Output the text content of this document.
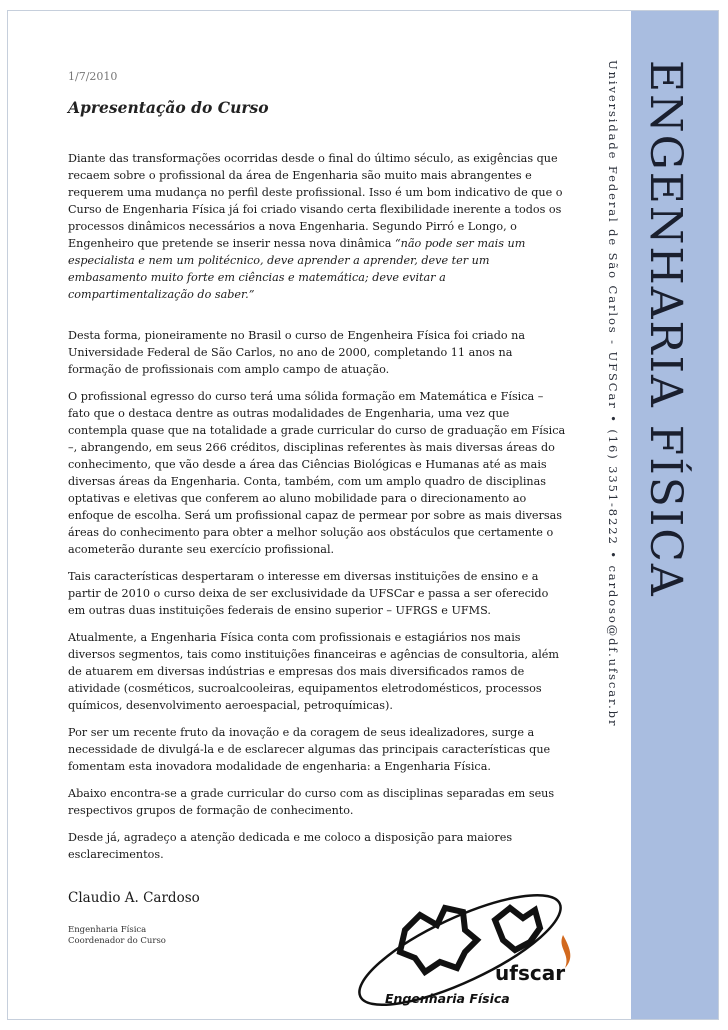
ENGENHARIA FÍSICA
Universidade Federal de São Carlos - UFSCar • (16) 3351-8222 • cardoso@df.ufscar.br
1/7/2010
Apresentação do Curso

Diante das transformações ocorridas desde o final do último século, as exigências que recaem sobre o profissional da área de Engenharia são muito mais abrangentes e requerem uma mudança no perfil deste profissional. Isso é um bom indicativo de que o Curso de Engenharia Física já foi criado visando certa flexibilidade inerente a todos os processos dinâmicos necessários a nova Engenharia. Segundo Pirró e Longo, o Engenheiro que pretende se inserir nessa nova dinâmica “não pode ser mais um especialista e nem um politécnico, deve aprender a aprender, deve ter um embasamento muito forte em ciências e matemática; deve evitar a compartimentalização do saber.”

Desta forma, pioneiramente no Brasil o curso de Engenheira Física foi criado na Universidade Federal de São Carlos, no ano de 2000, completando 11 anos na formação de profissionais com amplo campo de atuação.

O profissional egresso do curso terá uma sólida formação em Matemática e Física – fato que o destaca dentre as outras modalidades de Engenharia, uma vez que contempla quase que na totalidade a grade curricular do curso de graduação em Física –, abrangendo, em seus 266 créditos, disciplinas referentes às mais diversas áreas do conhecimento, que vão desde a área das Ciências Biológicas e Humanas até as mais diversas áreas da Engenharia. Conta, também, com um amplo quadro de disciplinas optativas e eletivas que conferem ao aluno mobilidade para o direcionamento ao enfoque de escolha. Será um profissional capaz de permear por sobre as mais diversas áreas do conhecimento para obter a melhor solução aos obstáculos que certamente o acometerão durante seu exercício profissional.

Tais características despertaram o interesse em diversas instituições de ensino e a partir de 2010 o curso deixa de ser exclusividade da UFSCar e passa a ser oferecido em outras duas instituições federais de ensino superior – UFRGS e UFMS.

Atualmente, a Engenharia Física conta com profissionais e estagiários nos mais diversos segmentos, tais como instituições financeiras e agências de consultoria, além de atuarem em diversas indústrias e empresas dos mais diversificados ramos de atividade (cosméticos, sucroalcooleiras, equipamentos eletrodomésticos, processos químicos, desenvolvimento aeroespacial, petroquímicas).

Por ser um recente fruto da inovação e da coragem de seus idealizadores, surge a necessidade de divulgá-la e de esclarecer algumas das principais características que fomentam esta inovadora modalidade de engenharia: a Engenharia Física.

Abaixo encontra-se a grade curricular do curso com as disciplinas separadas em seus respectivos grupos de formação de conhecimento.

Desde já, agradeço a atenção dedicada e me coloco a disposição para maiores esclarecimentos.

Claudio A. Cardoso
Engenharia Física
Coordenador do Curso
ufscar
Engenharia Física
